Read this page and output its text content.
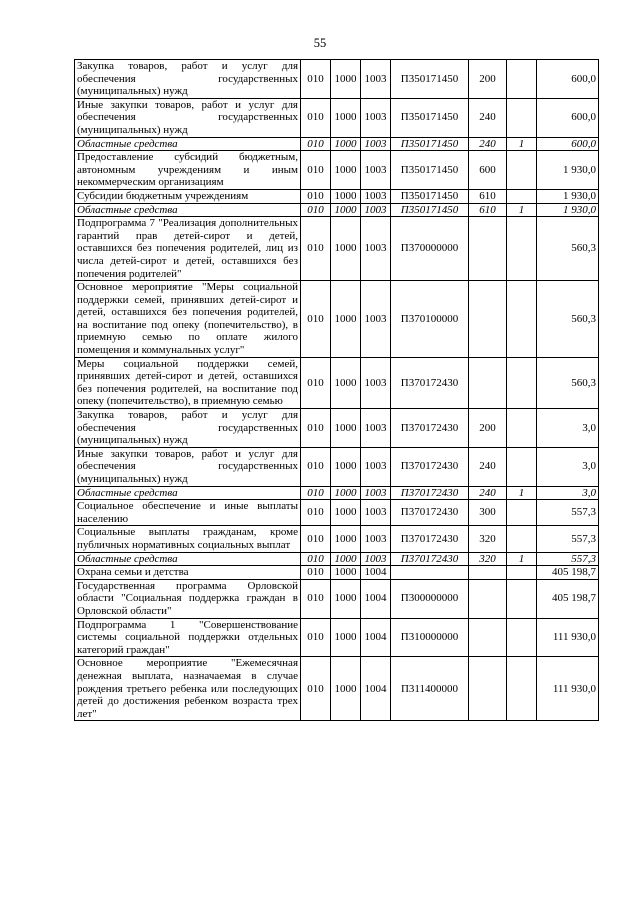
55
Закупка товаров, работ и услуг для обеспечения государственных (муниципальных) нужд	010	1000	1003	П350171450	200		600,0
Иные закупки товаров, работ и услуг для обеспечения государственных (муниципальных) нужд	010	1000	1003	П350171450	240		600,0
Областные средства	010	1000	1003	П350171450	240	1	600,0
Предоставление субсидий бюджетным, автономным учреждениям и иным некоммерческим организациям	010	1000	1003	П350171450	600		1 930,0
Субсидии бюджетным учреждениям	010	1000	1003	П350171450	610		1 930,0
Областные средства	010	1000	1003	П350171450	610	1	1 930,0
Подпрограмма 7 "Реализация дополнительных гарантий прав детей-сирот и детей, оставшихся без попечения родителей, лиц из числа детей-сирот и детей, оставшихся без попечения родителей"	010	1000	1003	П370000000			560,3
Основное мероприятие "Меры социальной поддержки семей, принявших детей-сирот и детей, оставшихся без попечения родителей, на воспитание под опеку (попечительство), в приемную семью по оплате жилого помещения и коммунальных услуг"	010	1000	1003	П370100000			560,3
Меры социальной поддержки семей, принявших детей-сирот и детей, оставшихся без попечения родителей, на воспитание под опеку (попечительство), в приемную семью	010	1000	1003	П370172430			560,3
Закупка товаров, работ и услуг для обеспечения государственных (муниципальных) нужд	010	1000	1003	П370172430	200		3,0
Иные закупки товаров, работ и услуг для обеспечения государственных (муниципальных) нужд	010	1000	1003	П370172430	240		3,0
Областные средства	010	1000	1003	П370172430	240	1	3,0
Социальное обеспечение и иные выплаты населению	010	1000	1003	П370172430	300		557,3
Социальные выплаты гражданам, кроме публичных нормативных социальных выплат	010	1000	1003	П370172430	320		557,3
Областные средства	010	1000	1003	П370172430	320	1	557,3
Охрана семьи и детства	010	1000	1004				405 198,7
Государственная программа Орловской области "Социальная поддержка граждан в Орловской области"	010	1000	1004	П300000000			405 198,7
Подпрограмма 1 "Совершенствование системы социальной поддержки отдельных категорий граждан"	010	1000	1004	П310000000			111 930,0
Основное мероприятие "Ежемесячная денежная выплата, назначаемая в случае рождения третьего ребенка или последующих детей до достижения ребенком возраста трех лет"	010	1000	1004	П311400000			111 930,0
